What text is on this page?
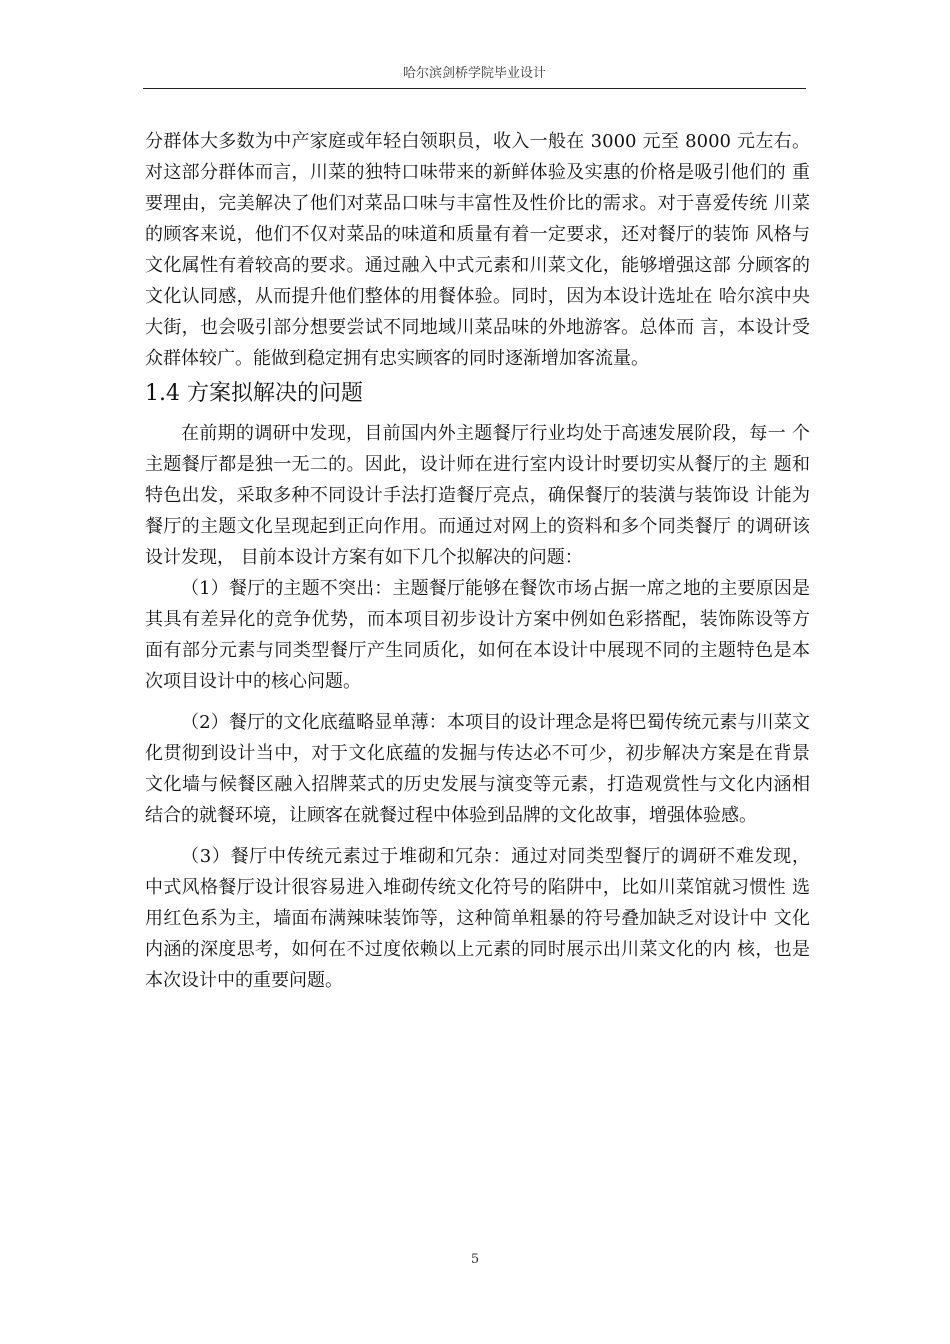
哈尔滨剑桥学院毕业设计

分群体大多数为中产家庭或年轻白领职员，收入一般在 3000 元至 8000 元左右。 对这部分群体而言，川菜的独特口味带来的新鲜体验及实惠的价格是吸引他们的 重要理由，完美解决了他们对菜品口味与丰富性及性价比的需求。对于喜爱传统 川菜的顾客来说，他们不仅对菜品的味道和质量有着一定要求，还对餐厅的装饰 风格与文化属性有着较高的要求。通过融入中式元素和川菜文化，能够增强这部 分顾客的文化认同感，从而提升他们整体的用餐体验。同时，因为本设计选址在 哈尔滨中央大街，也会吸引部分想要尝试不同地域川菜品味的外地游客。总体而 言，本设计受众群体较广。能做到稳定拥有忠实顾客的同时逐渐增加客流量。

1.4 方案拟解决的问题

在前期的调研中发现，目前国内外主题餐厅行业均处于高速发展阶段，每一 个主题餐厅都是独一无二的。因此，设计师在进行室内设计时要切实从餐厅的主 题和特色出发，采取多种不同设计手法打造餐厅亮点，确保餐厅的装潢与装饰设 计能为餐厅的主题文化呈现起到正向作用。而通过对网上的资料和多个同类餐厅 的调研该设计发现， 目前本设计方案有如下几个拟解决的问题：

（1）餐厅的主题不突出：主题餐厅能够在餐饮市场占据一席之地的主要原因是其具有差异化的竞争优势，而本项目初步设计方案中例如色彩搭配，装饰陈设等方面有部分元素与同类型餐厅产生同质化，如何在本设计中展现不同的主题特色是本次项目设计中的核心问题。

（2）餐厅的文化底蕴略显单薄：本项目的设计理念是将巴蜀传统元素与川菜文化贯彻到设计当中，对于文化底蕴的发掘与传达必不可少，初步解决方案是在背景文化墙与候餐区融入招牌菜式的历史发展与演变等元素，打造观赏性与文化内涵相结合的就餐环境，让顾客在就餐过程中体验到品牌的文化故事，增强体验感。

（3）餐厅中传统元素过于堆砌和冗杂：通过对同类型餐厅的调研不难发现， 中式风格餐厅设计很容易进入堆砌传统文化符号的陷阱中，比如川菜馆就习惯性 选用红色系为主，墙面布满辣味装饰等，这种简单粗暴的符号叠加缺乏对设计中 文化内涵的深度思考，如何在不过度依赖以上元素的同时展示出川菜文化的内 核，也是本次设计中的重要问题。

5
